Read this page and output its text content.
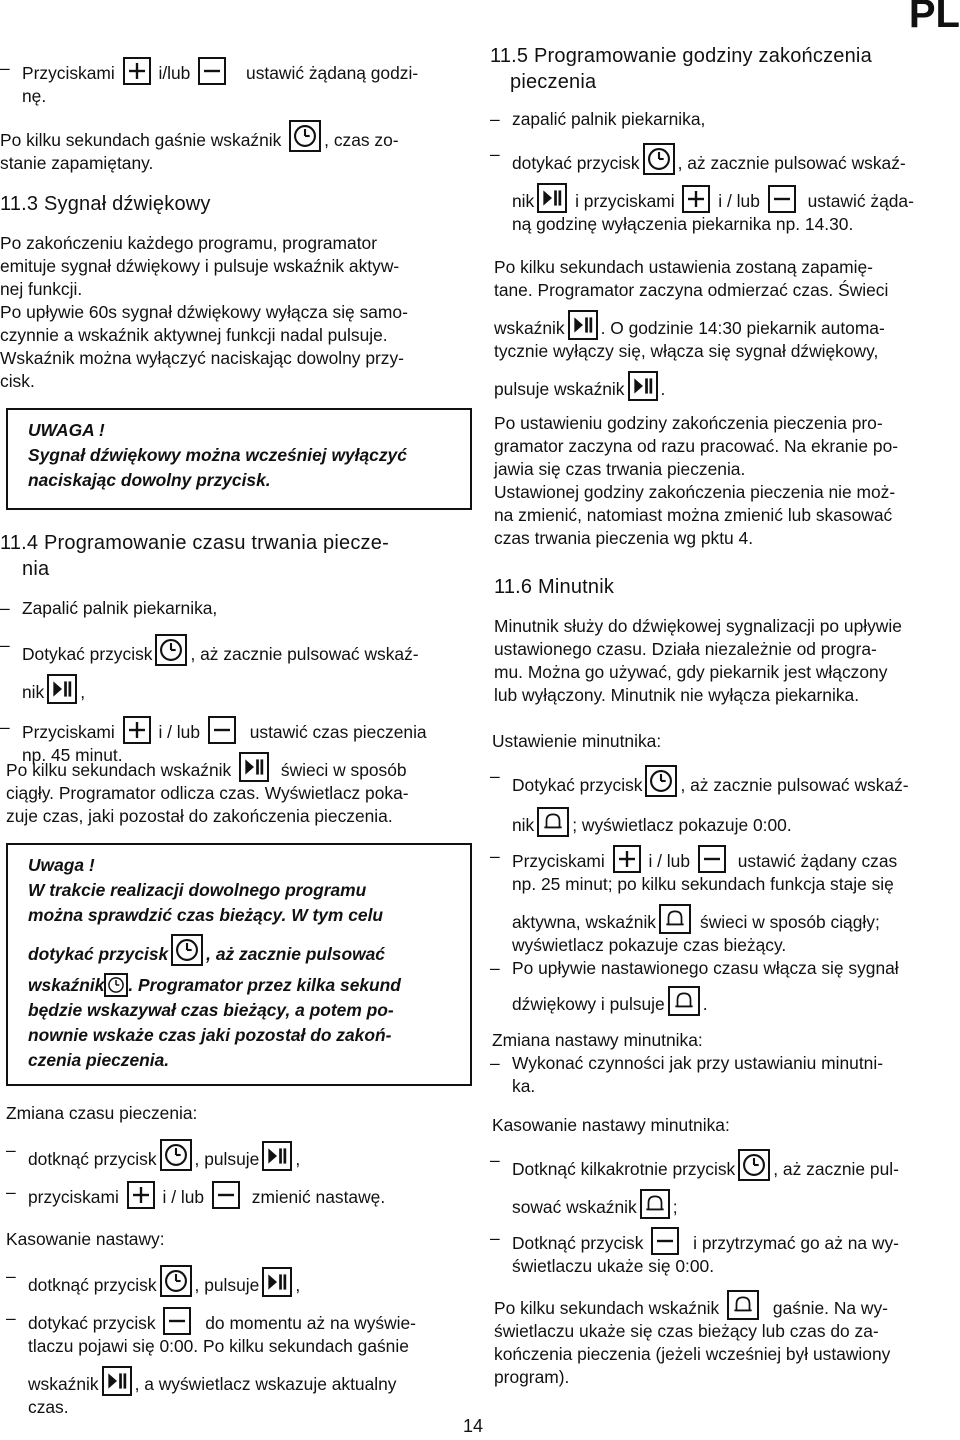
– Przyciskami	i/lub	ustawić żądaną godzi-

nę.

Po kilku sekundach gaśnie wskaźnik , czas zo-

stanie zapamiętany.

11.3 Sygnał dźwiękowy

Po zakończeniu każdego programu, programator

emituje sygnał dźwiękowy i pulsuje wskaźnik aktyw-

nej funkcji.

Po upływie 60s sygnał dźwiękowy wyłącza się samo-

czynnie a wskaźnik aktywnej funkcji nadal pulsuje.

Wskaźnik można wyłączyć naciskając dowolny przy-

cisk.

UWAGA !

Sygnał dźwiękowy można wcześniej wyłączyć

naciskając dowolny przycisk.

11.4 Programowanie czasu trwania piecze-

nia

– Zapalić palnik piekarnika,

– Dotykać przycisk , aż zacznie pulsować wskaź-

nik ,

– Przyciskami	i / lub	ustawić czas pieczenia

np. 45 minut.

Po kilku sekundach wskaźnik	świeci w sposób

ciągły. Programator odlicza czas. Wyświetlacz poka-

zuje czas, jaki pozostał do zakończenia pieczenia.

Uwaga !

W trakcie realizacji dowolnego programu

można sprawdzić czas bieżący. W tym celu

dotykać przycisk , aż zacznie pulsować

wskaźnik . Programator przez kilka sekund

będzie wskazywał czas bieżący, a potem po-

nownie wskaże czas jaki pozostał do zakoń-

czenia pieczenia.

Zmiana czasu pieczenia:

– dotknąć przycisk , pulsuje ,

– przyciskami	i / lub	zmienić nastawę.

Kasowanie nastawy:

– dotknąć przycisk , pulsuje ,

– dotykać przycisk	do momentu aż na wyświe-

tlaczu pojawi się 0:00. Po kilku sekundach gaśnie

wskaźnik , a wyświetlacz wskazuje aktualny

czas.

PL

11.5 Programowanie godziny zakończenia

pieczenia

– zapalić palnik piekarnika,

– dotykać przycisk , aż zacznie pulsować wskaź-

nik i przyciskami	i / lub	ustawić żąda-

ną godzinę wyłączenia piekarnika np. 14.30.

Po kilku sekundach ustawienia zostaną zapamię-

tane. Programator zaczyna odmierzać czas. Świeci

wskaźnik . O godzinie 14:30 piekarnik automa-

tycznie wyłączy się, włącza się sygnał dźwiękowy,

pulsuje wskaźnik .

Po ustawieniu godziny zakończenia pieczenia pro-

gramator zaczyna od razu pracować. Na ekranie po-

jawia się czas trwania pieczenia.

Ustawionej godziny zakończenia pieczenia nie moż-

na zmienić, natomiast można zmienić lub skasować

czas trwania pieczenia wg pktu 4.

11.6 Minutnik

Minutnik służy do dźwiękowej sygnalizacji po upływie

ustawionego czasu. Działa niezależnie od progra-

mu. Można go używać, gdy piekarnik jest włączony

lub wyłączony. Minutnik nie wyłącza piekarnika.

Ustawienie minutnika:

– Dotykać przycisk , aż zacznie pulsować wskaź-

nik ; wyświetlacz pokazuje 0:00.

– Przyciskami	i / lub	ustawić żądany czas

np. 25 minut; po kilku sekundach funkcja staje się

aktywna, wskaźnik	świeci w sposób ciągły;

wyświetlacz pokazuje czas bieżący.

– Po upływie nastawionego czasu włącza się sygnał

dźwiękowy i pulsuje .

Zmiana nastawy minutnika:

– Wykonać czynności jak przy ustawianiu minutni-

ka.

Kasowanie nastawy minutnika:

– Dotknąć kilkakrotnie przycisk , aż zacznie pul-

sować wskaźnik ;

– Dotknąć przycisk	i przytrzymać go aż na wy-

świetlaczu ukaże się 0:00.

Po kilku sekundach wskaźnik	gaśnie. Na wy-

świetlaczu ukaże się czas bieżący lub czas do za-

kończenia pieczenia (jeżeli wcześniej był ustawiony

program).

14
